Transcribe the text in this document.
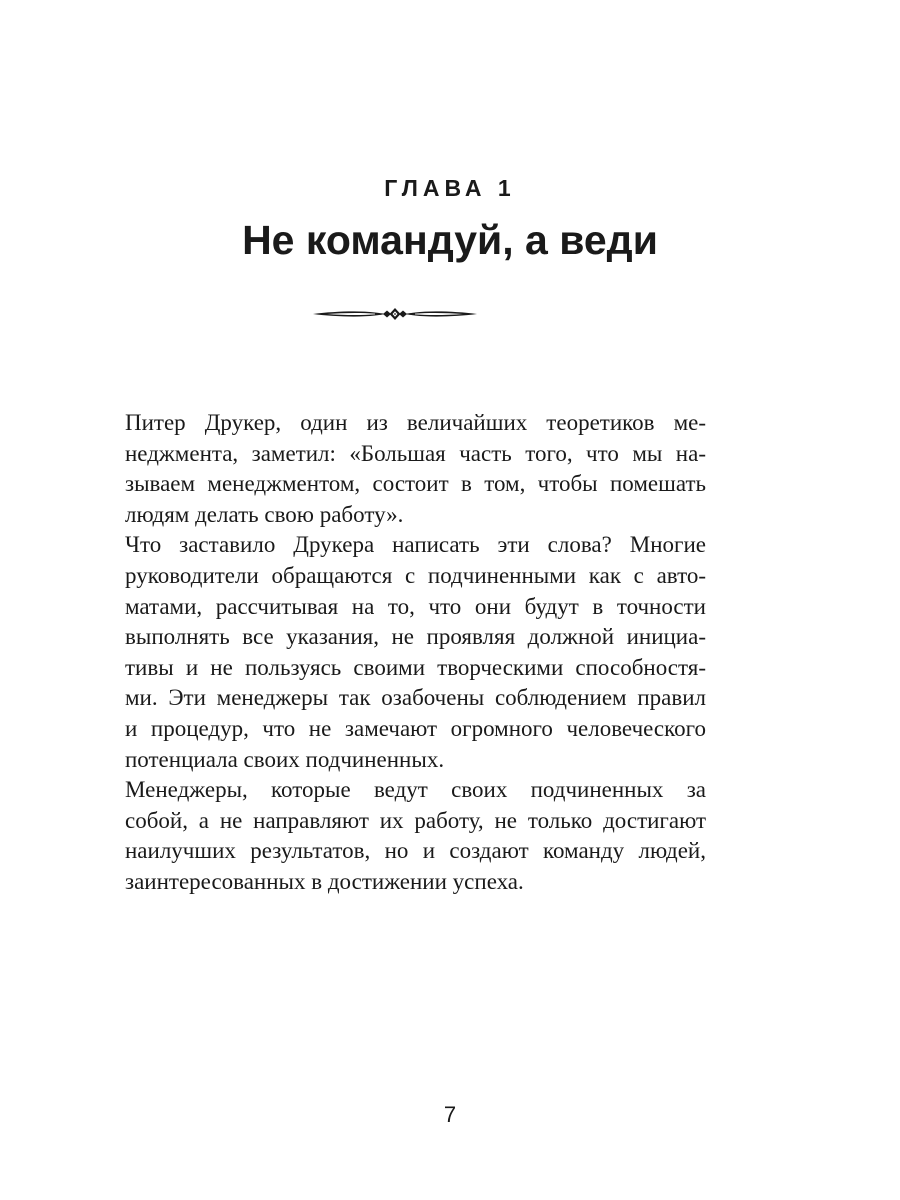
ГЛАВА 1
Не командуй, а веди

Питер Друкер, один из величайших теоретиков ме-
неджмента, заметил: «Большая часть того, что мы на-
зываем менеджментом, состоит в том, чтобы помешать
людям делать свою работу».

Что заставило Друкера написать эти слова? Многие
руководители обращаются с подчиненными как с авто-
матами, рассчитывая на то, что они будут в точности
выполнять все указания, не проявляя должной инициа-
тивы и не пользуясь своими творческими способностя-
ми. Эти менеджеры так озабочены соблюдением правил
и процедур, что не замечают огромного человеческого
потенциала своих подчиненных.

Менеджеры, которые ведут своих подчиненных за
собой, а не направляют их работу, не только достигают
наилучших результатов, но и создают команду людей,
заинтересованных в достижении успеха.

7
